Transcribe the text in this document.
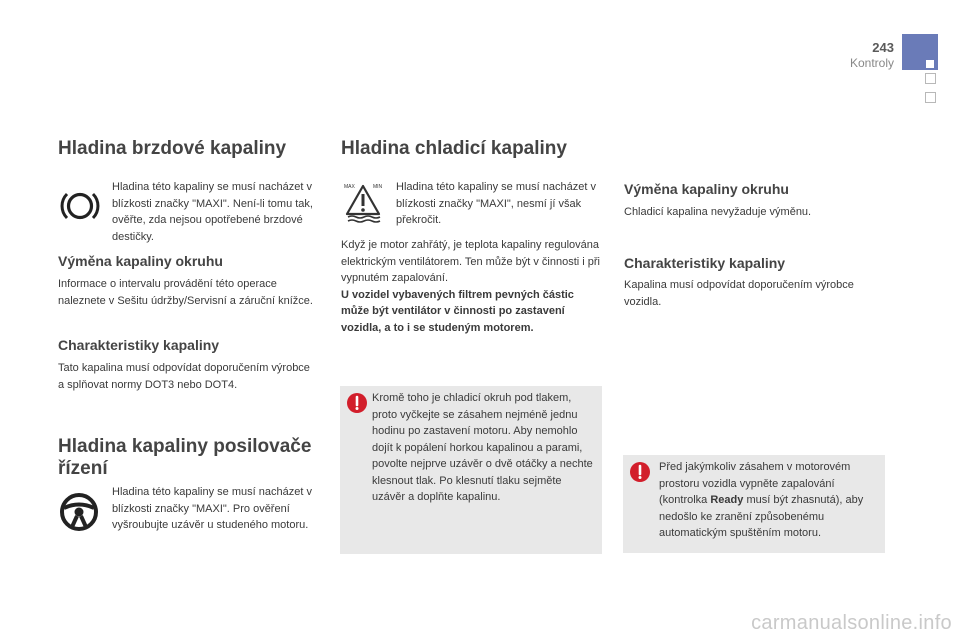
243
Kontroly
Hladina brzdové kapaliny
Hladina této kapaliny se musí nacházet v blízkosti značky "MAXI". Není-li tomu tak, ověřte, zda nejsou opotřebené brzdové destičky.
Výměna kapaliny okruhu
Informace o intervalu provádění této operace naleznete v Sešitu údržby/Servisní a záruční knížce.
Charakteristiky kapaliny
Tato kapalina musí odpovídat doporučením výrobce a splňovat normy DOT3 nebo DOT4.
Hladina kapaliny posilovače řízení
Hladina této kapaliny se musí nacházet v blízkosti značky "MAXI". Pro ověření vyšroubujte uzávěr u studeného motoru.
Hladina chladicí kapaliny
MAX	MIN Hladina této kapaliny se musí nacházet v blízkosti značky "MAXI", nesmí jí však překročit.
Když je motor zahřátý, je teplota kapaliny regulována elektrickým ventilátorem. Ten může být v činnosti i při vypnutém zapalování.
U vozidel vybavených filtrem pevných částic může být ventilátor v činnosti po zastavení vozidla, a to i se studeným motorem.
Kromě toho je chladicí okruh pod tlakem, proto vyčkejte se zásahem nejméně jednu hodinu po zastavení motoru. Aby nemohlo dojít k popálení horkou kapalinou a parami, povolte nejprve uzávěr o dvě otáčky a nechte klesnout tlak. Po klesnutí tlaku sejměte uzávěr a doplňte kapalinu.
Výměna kapaliny okruhu
Chladicí kapalina nevyžaduje výměnu.
Charakteristiky kapaliny
Kapalina musí odpovídat doporučením výrobce vozidla.
Před jakýmkoliv zásahem v motorovém prostoru vozidla vypněte zapalování (kontrolka Ready musí být zhasnutá), aby nedošlo ke zranění způsobenému automatickým spuštěním motoru.
carmanualsonline.info
